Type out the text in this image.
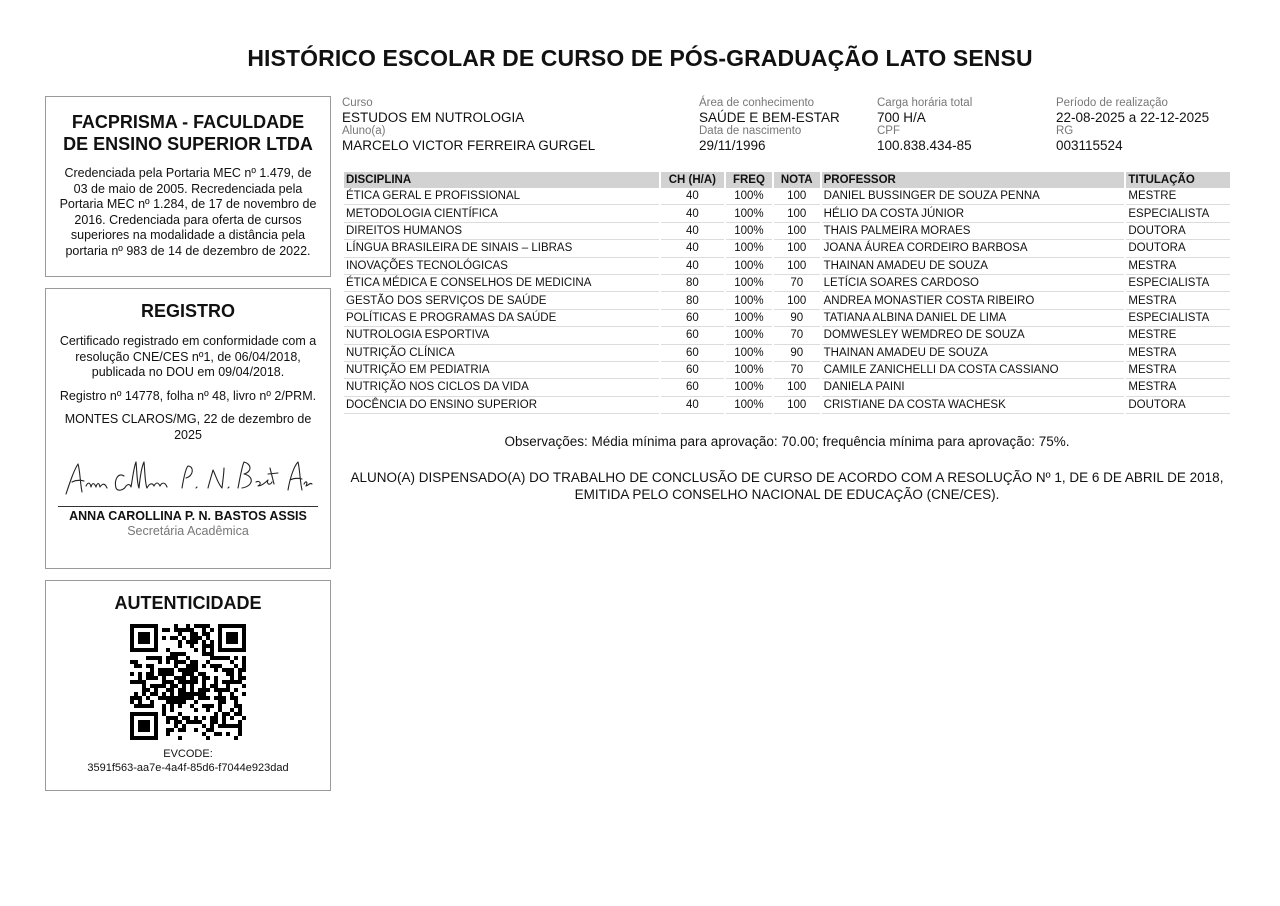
HISTÓRICO ESCOLAR DE CURSO DE PÓS-GRADUAÇÃO LATO SENSU
FACPRISMA - FACULDADE DE ENSINO SUPERIOR LTDA

Credenciada pela Portaria MEC nº 1.479, de 03 de maio de 2005. Recredenciada pela Portaria MEC nº 1.284, de 17 de novembro de 2016. Credenciada para oferta de cursos superiores na modalidade a distância pela portaria nº 983 de 14 de dezembro de 2022.

REGISTRO

Certificado registrado em conformidade com a resolução CNE/CES nº1, de 06/04/2018, publicada no DOU em 09/04/2018.

Registro nº 14778, folha nº 48, livro nº 2/PRM.

MONTES CLAROS/MG, 22 de dezembro de 2025

ANNA CAROLLINA P. N. BASTOS ASSIS
Secretária Acadêmica
AUTENTICIDADE
EVCODE:
3591f563-aa7e-4a4f-85d6-f7044e923dad
Curso
ESTUDOS EM NUTROLOGIA
Aluno(a)
MARCELO VICTOR FERREIRA GURGEL
Área de conhecimento
SAÚDE E BEM-ESTAR
Data de nascimento
29/11/1996
Carga horária total
700 H/A
CPF
100.838.434-85
Período de realização
22-08-2025 a 22-12-2025
RG
003115524
DISCIPLINA	CH (H/A)	FREQ	NOTA	PROFESSOR	TITULAÇÃO
ÉTICA GERAL E PROFISSIONAL	40	100%	100	DANIEL BUSSINGER DE SOUZA PENNA	MESTRE
METODOLOGIA CIENTÍFICA	40	100%	100	HÉLIO DA COSTA JÚNIOR	ESPECIALISTA
DIREITOS HUMANOS	40	100%	100	THAIS PALMEIRA MORAES	DOUTORA
LÍNGUA BRASILEIRA DE SINAIS – LIBRAS	40	100%	100	JOANA ÁUREA CORDEIRO BARBOSA	DOUTORA
INOVAÇÕES TECNOLÓGICAS	40	100%	100	THAINAN AMADEU DE SOUZA	MESTRA
ÉTICA MÉDICA E CONSELHOS DE MEDICINA	80	100%	70	LETÍCIA SOARES CARDOSO	ESPECIALISTA
GESTÃO DOS SERVIÇOS DE SAÚDE	80	100%	100	ANDREA MONASTIER COSTA RIBEIRO	MESTRA
POLÍTICAS E PROGRAMAS DA SAÚDE	60	100%	90	TATIANA ALBINA DANIEL DE LIMA	ESPECIALISTA
NUTROLOGIA ESPORTIVA	60	100%	70	DOMWESLEY WEMDREO DE SOUZA	MESTRE
NUTRIÇÃO CLÍNICA	60	100%	90	THAINAN AMADEU DE SOUZA	MESTRA
NUTRIÇÃO EM PEDIATRIA	60	100%	70	CAMILE ZANICHELLI DA COSTA CASSIANO	MESTRA
NUTRIÇÃO NOS CICLOS DA VIDA	60	100%	100	DANIELA PAINI	MESTRA
DOCÊNCIA DO ENSINO SUPERIOR	40	100%	100	CRISTIANE DA COSTA WACHESK	DOUTORA
Observações: Média mínima para aprovação: 70.00; frequência mínima para aprovação: 75%.
ALUNO(A) DISPENSADO(A) DO TRABALHO DE CONCLUSÃO DE CURSO DE ACORDO COM A RESOLUÇÃO Nº 1, DE 6 DE ABRIL DE 2018, EMITIDA PELO CONSELHO NACIONAL DE EDUCAÇÃO (CNE/CES).
